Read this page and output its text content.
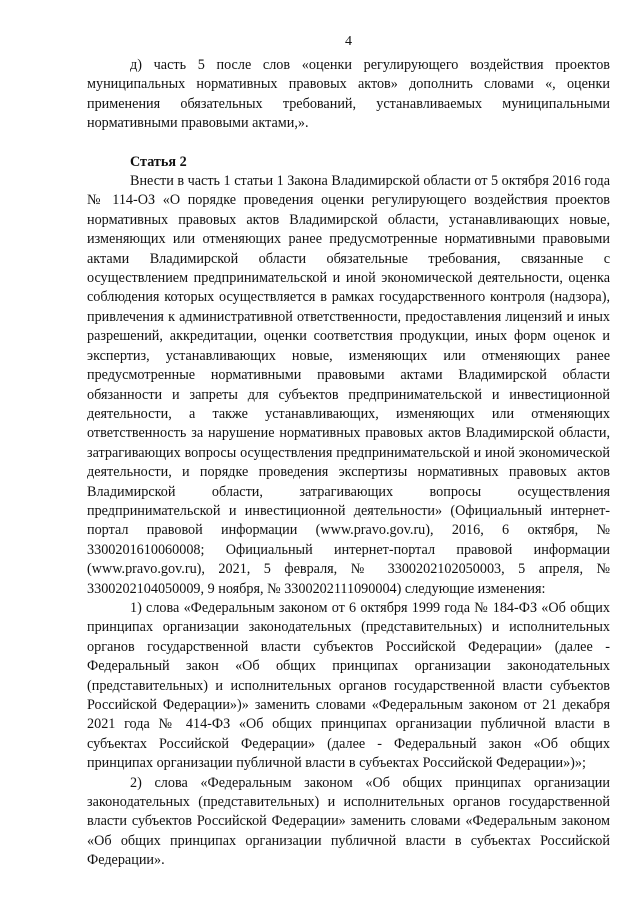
4

д) часть 5 после слов «оценки регулирующего воздействия проектов муниципальных нормативных правовых актов» дополнить словами «, оценки применения обязательных требований, устанавливаемых муниципальными нормативными правовыми актами,».

Статья 2

Внести в часть 1 статьи 1 Закона Владимирской области от 5 октября 2016 года № 114-ОЗ «О порядке проведения оценки регулирующего воздействия проектов нормативных правовых актов Владимирской области, устанавливающих новые, изменяющих или отменяющих ранее предусмотренные нормативными правовыми актами Владимирской области обязательные требования, связанные с осуществлением предпринимательской и иной экономической деятельности, оценка соблюдения которых осуществляется в рамках государственного контроля (надзора), привлечения к административной ответственности, предоставления лицензий и иных разрешений, аккредитации, оценки соответствия продукции, иных форм оценок и экспертиз, устанавливающих новые, изменяющих или отменяющих ранее предусмотренные нормативными правовыми актами Владимирской области обязанности и запреты для субъектов предпринимательской и инвестиционной деятельности, а также устанавливающих, изменяющих или отменяющих ответственность за нарушение нормативных правовых актов Владимирской области, затрагивающих вопросы осуществления предпринимательской и иной экономической деятельности, и порядке проведения экспертизы нормативных правовых актов Владимирской области, затрагивающих вопросы осуществления предпринимательской и инвестиционной деятельности» (Официальный интернет-портал правовой информации (www.pravo.gov.ru), 2016, 6 октября, № 3300201610060008; Официальный интернет-портал правовой информации (www.pravo.gov.ru), 2021, 5 февраля, № 3300202102050003, 5 апреля, № 3300202104050009, 9 ноября, № 3300202111090004) следующие изменения:

1) слова «Федеральным законом от 6 октября 1999 года № 184-ФЗ «Об общих принципах организации законодательных (представительных) и исполнительных органов государственной власти субъектов Российской Федерации» (далее - Федеральный закон «Об общих принципах организации законодательных (представительных) и исполнительных органов государственной власти субъектов Российской Федерации»)» заменить словами «Федеральным законом от 21 декабря 2021 года № 414-ФЗ «Об общих принципах организации публичной власти в субъектах Российской Федерации» (далее - Федеральный закон «Об общих принципах организации публичной власти в субъектах Российской Федерации»)»;

2) слова «Федеральным законом «Об общих принципах организации законодательных (представительных) и исполнительных органов государственной власти субъектов Российской Федерации» заменить словами «Федеральным законом «Об общих принципах организации публичной власти в субъектах Российской Федерации».
